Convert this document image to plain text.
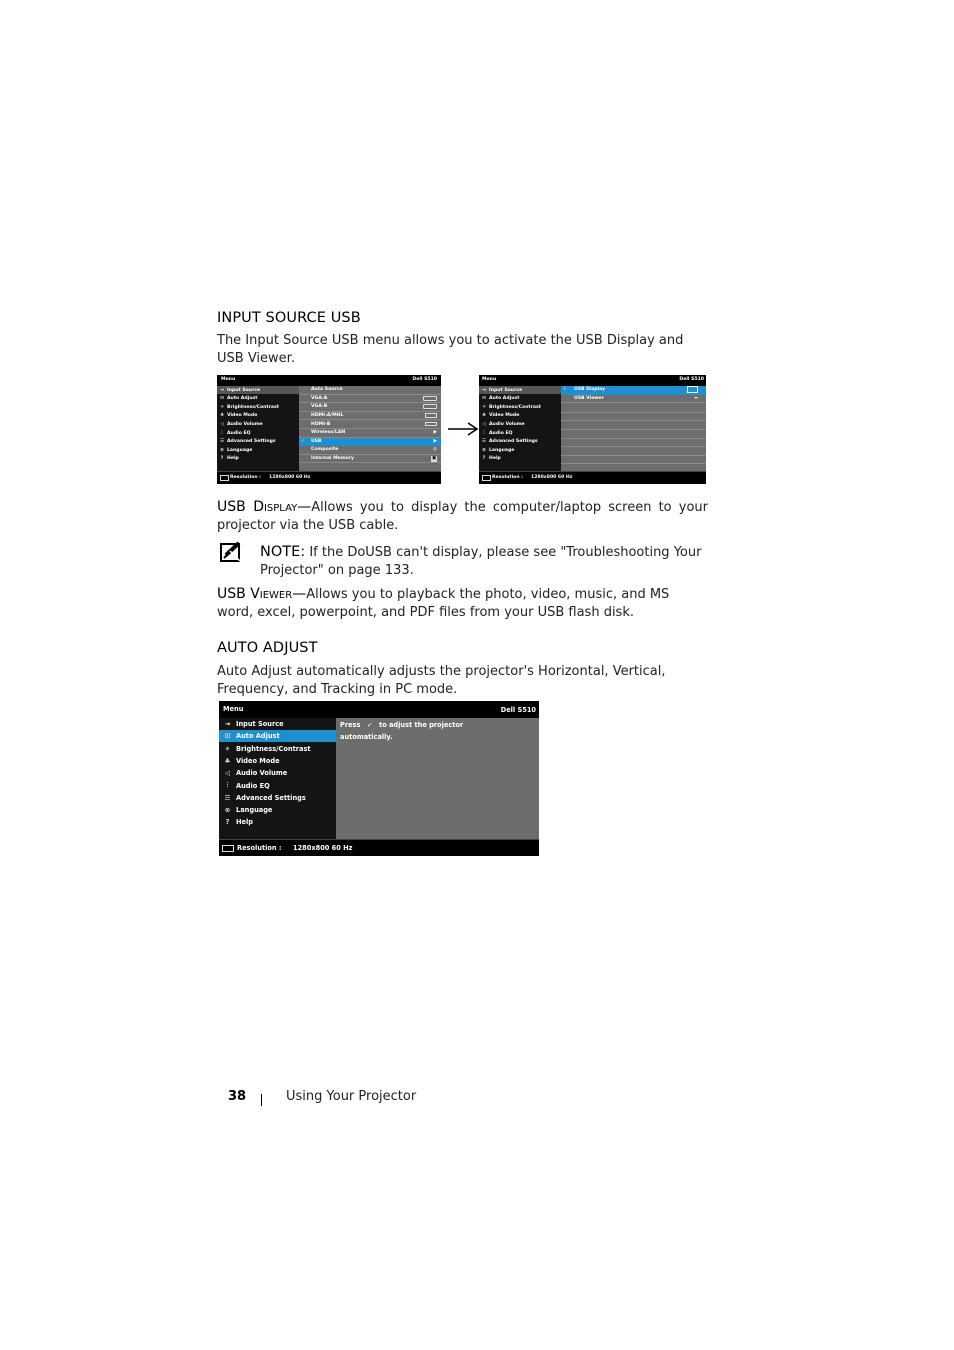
INPUT SOURCE USB
The Input Source USB menu allows you to activate the USB Display and USB Viewer.
Menu	Dell S510
⇥ Input Source
⊡ Auto Adjust
☀ Brightness/Contrast
♣ Video Mode
◁ Audio Volume
⫶ Audio EQ
☰ Advanced Settings
⊕ Language
? Help
Auto Source
VGA-A
VGA-B
HDMI-A/MHL
HDMI-B
Wireless/LAN	▶
✓ USB	▶
Composite	◎
Internal Memory	▣
Resolution : 1280x800 60 Hz
Menu	Dell S510
⇥ Input Source
⊡ Auto Adjust
☀ Brightness/Contrast
♣ Video Mode
◁ Audio Volume
⫶ Audio EQ
☰ Advanced Settings
⊕ Language
? Help
✓ USB Display
USB Viewer	⭠
Resolution : 1280x800 60 Hz
USB Display—Allows you to display the computer/laptop screen to your projector via the USB cable.
NOTE: If the DoUSB can't display, please see "Troubleshooting Your Projector" on page 133.
USB Viewer—Allows you to playback the photo, video, music, and MS word, excel, powerpoint, and PDF files from your USB flash disk.
AUTO ADJUST
Auto Adjust automatically adjusts the projector's Horizontal, Vertical, Frequency, and Tracking in PC mode.
Menu	Dell S510
⇥ Input Source
⊡ Auto Adjust
☀ Brightness/Contrast
♣ Video Mode
◁ Audio Volume
⫶	Audio EQ
☰ Advanced Settings
⊕ Language
? Help
Press ✓ to adjust the projector
automatically.
Resolution : 1280x800 60 Hz
38	Using Your Projector
